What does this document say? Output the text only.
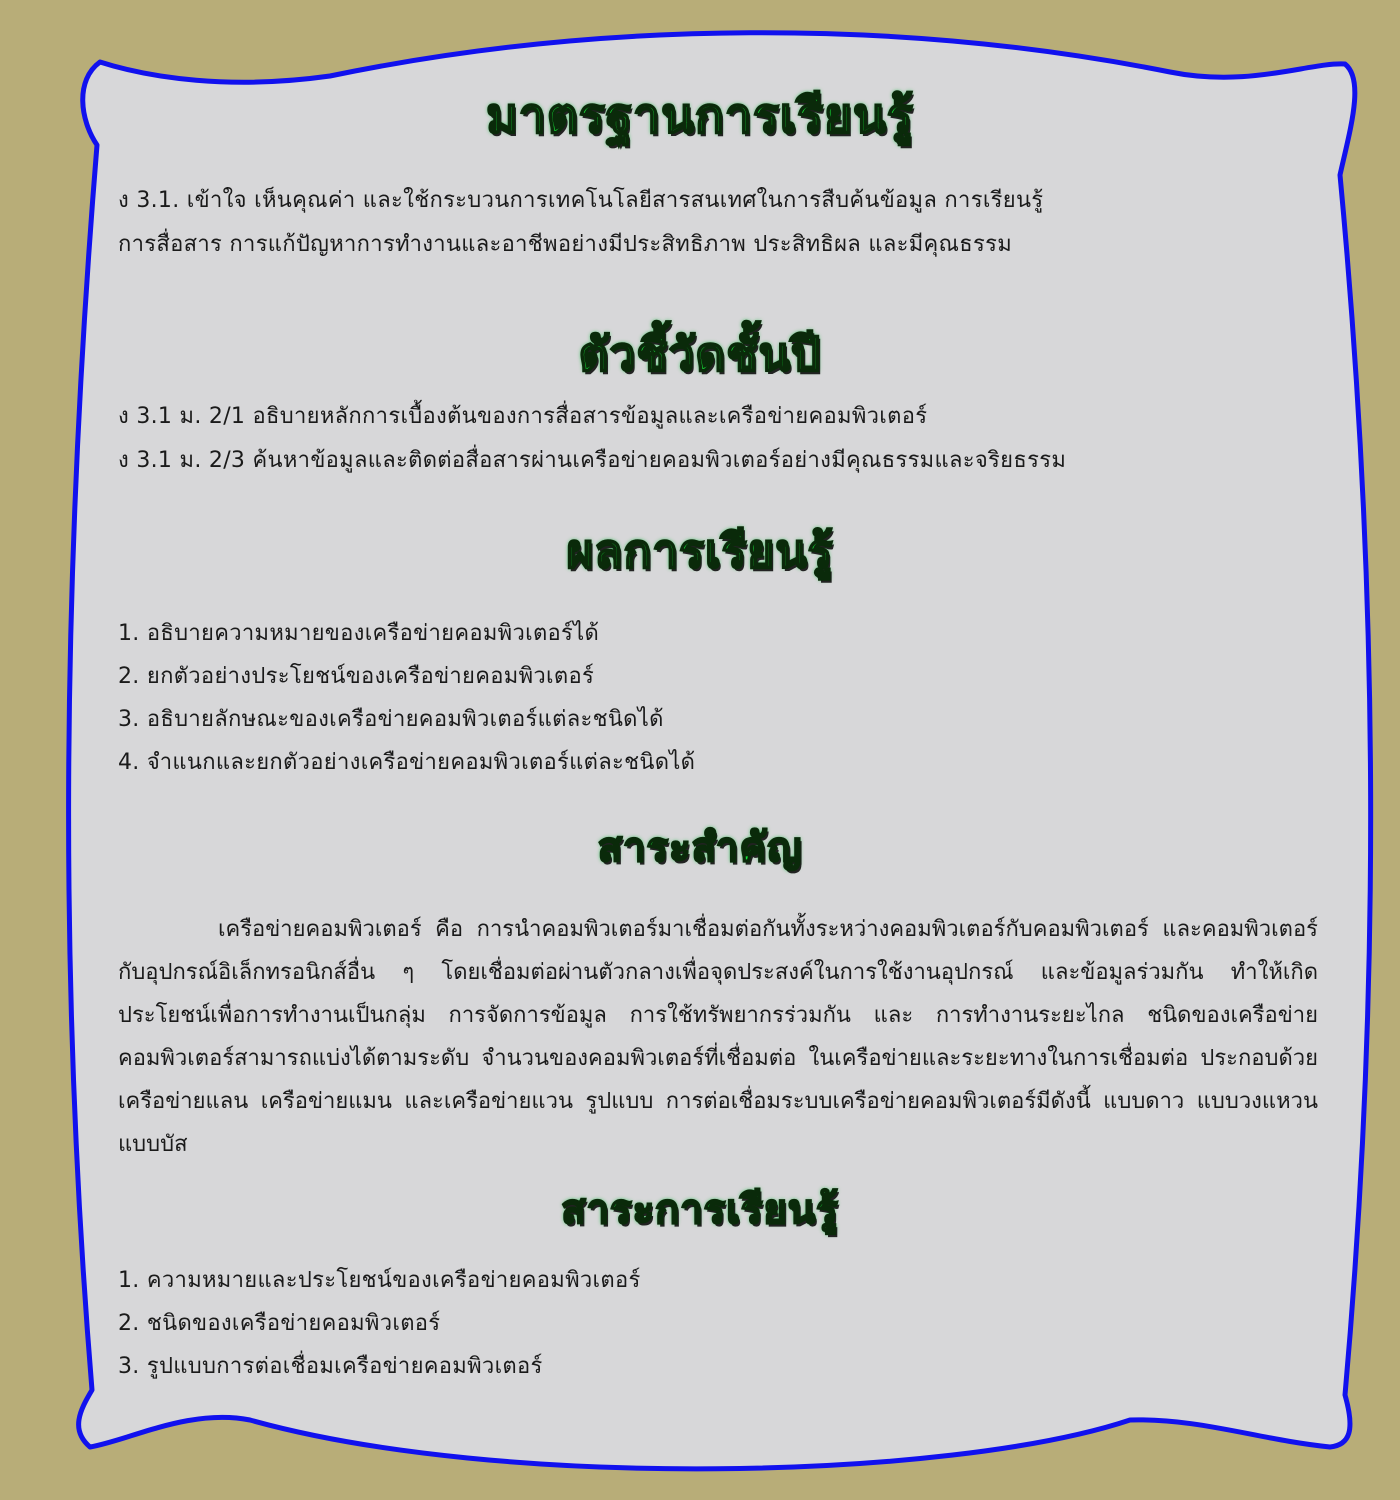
มาตรฐานการเรียนรู้
ง 3.1. เข้าใจ เห็นคุณค่า และใช้กระบวนการเทคโนโลยีสารสนเทศในการสืบค้นข้อมูล การเรียนรู้
การสื่อสาร การแก้ปัญหาการทำงานและอาชีพอย่างมีประสิทธิภาพ ประสิทธิผล และมีคุณธรรม
ตัวชี้วัดชั้นปี
ง 3.1 ม. 2/1 อธิบายหลักการเบื้องต้นของการสื่อสารข้อมูลและเครือข่ายคอมพิวเตอร์
ง 3.1 ม. 2/3 ค้นหาข้อมูลและติดต่อสื่อสารผ่านเครือข่ายคอมพิวเตอร์อย่างมีคุณธรรมและจริยธรรม
ผลการเรียนรู้
1. อธิบายความหมายของเครือข่ายคอมพิวเตอร์ได้
2. ยกตัวอย่างประโยชน์ของเครือข่ายคอมพิวเตอร์
3. อธิบายลักษณะของเครือข่ายคอมพิวเตอร์แต่ละชนิดได้
4. จำแนกและยกตัวอย่างเครือข่ายคอมพิวเตอร์แต่ละชนิดได้
สาระสำคัญ
เครือข่ายคอมพิวเตอร์ คือ การนำคอมพิวเตอร์มาเชื่อมต่อกันทั้งระหว่างคอมพิวเตอร์กับคอมพิวเตอร์ และคอมพิวเตอร์กับอุปกรณ์อิเล็กทรอนิกส์อื่น ๆ โดยเชื่อมต่อผ่านตัวกลางเพื่อจุดประสงค์ในการใช้งานอุปกรณ์ และข้อมูลร่วมกัน ทำให้เกิดประโยชน์เพื่อการทำงานเป็นกลุ่ม การจัดการข้อมูล การใช้ทรัพยากรร่วมกัน และ การทำงานระยะไกล ชนิดของเครือข่ายคอมพิวเตอร์สามารถแบ่งได้ตามระดับ จำนวนของคอมพิวเตอร์ที่เชื่อมต่อ ในเครือข่ายและระยะทางในการเชื่อมต่อ ประกอบด้วยเครือข่ายแลน เครือข่ายแมน และเครือข่ายแวน รูปแบบ การต่อเชื่อมระบบเครือข่ายคอมพิวเตอร์มีดังนี้ แบบดาว แบบวงแหวน แบบบัส
สาระการเรียนรู้
1. ความหมายและประโยชน์ของเครือข่ายคอมพิวเตอร์
2. ชนิดของเครือข่ายคอมพิวเตอร์
3. รูปแบบการต่อเชื่อมเครือข่ายคอมพิวเตอร์
